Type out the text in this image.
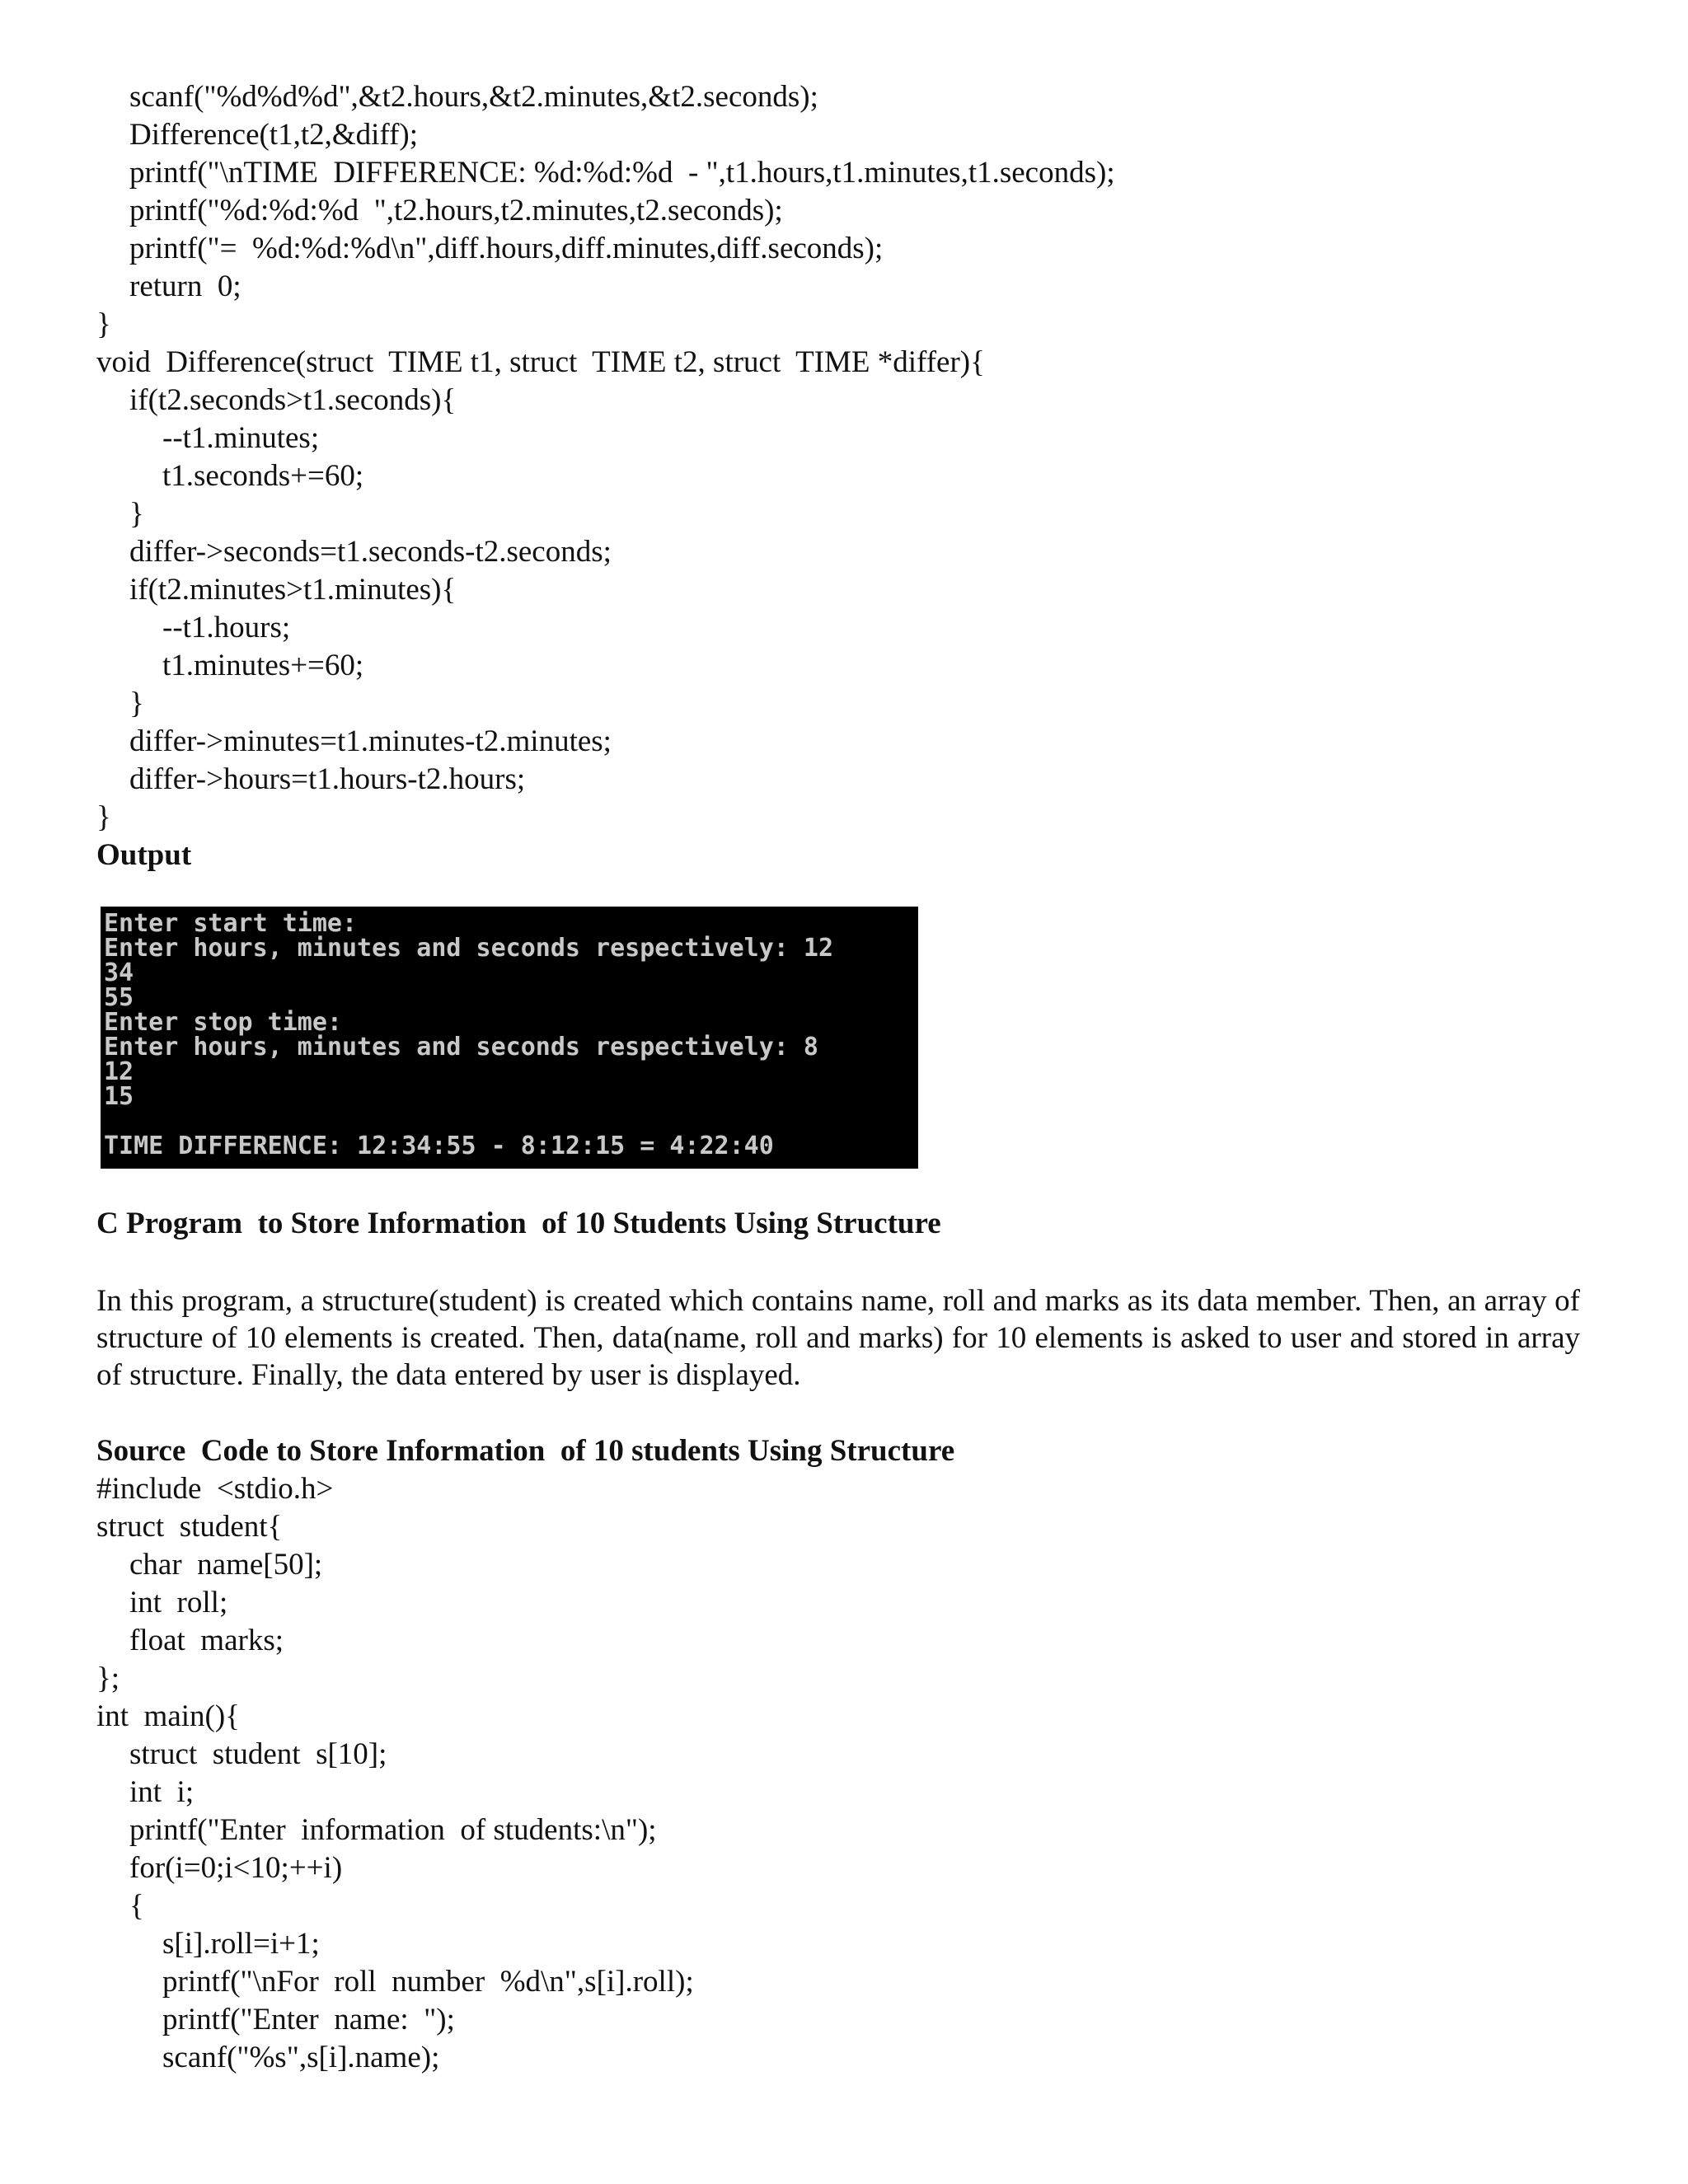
scanf("%d%d%d",&t2.hours,&t2.minutes,&t2.seconds);
Difference(t1,t2,&diff);
printf("\nTIME  DIFFERENCE: %d:%d:%d  - ",t1.hours,t1.minutes,t1.seconds);
printf("%d:%d:%d  ",t2.hours,t2.minutes,t2.seconds);
printf("=  %d:%d:%d\n",diff.hours,diff.minutes,diff.seconds);
return  0;
}
void  Difference(struct  TIME t1, struct  TIME t2, struct  TIME *differ){
if(t2.seconds>t1.seconds){
--t1.minutes;
t1.seconds+=60;
}
differ->seconds=t1.seconds-t2.seconds;
if(t2.minutes>t1.minutes){
--t1.hours;
t1.minutes+=60;
}
differ->minutes=t1.minutes-t2.minutes;
differ->hours=t1.hours-t2.hours;
}
Output
Enter start time:
Enter hours, minutes and seconds respectively: 12
34
55
Enter stop time:
Enter hours, minutes and seconds respectively: 8
12
15
TIME DIFFERENCE: 12:34:55 - 8:12:15 = 4:22:40
C Program  to Store Information  of 10 Students Using Structure
In this program, a structure(student) is created which contains name, roll and marks as its data member. Then, an array of structure of 10 elements is created. Then, data(name, roll and marks) for 10 elements is asked to user and stored in array of structure. Finally, the data entered by user is displayed.
Source  Code to Store Information  of 10 students Using Structure
#include  <stdio.h>
struct  student{
char  name[50];
int  roll;
float  marks;
};
int  main(){
struct  student  s[10];
int  i;
printf("Enter  information  of students:\n");
for(i=0;i<10;++i)
{
s[i].roll=i+1;
printf("\nFor  roll  number  %d\n",s[i].roll);
printf("Enter  name:  ");
scanf("%s",s[i].name);
